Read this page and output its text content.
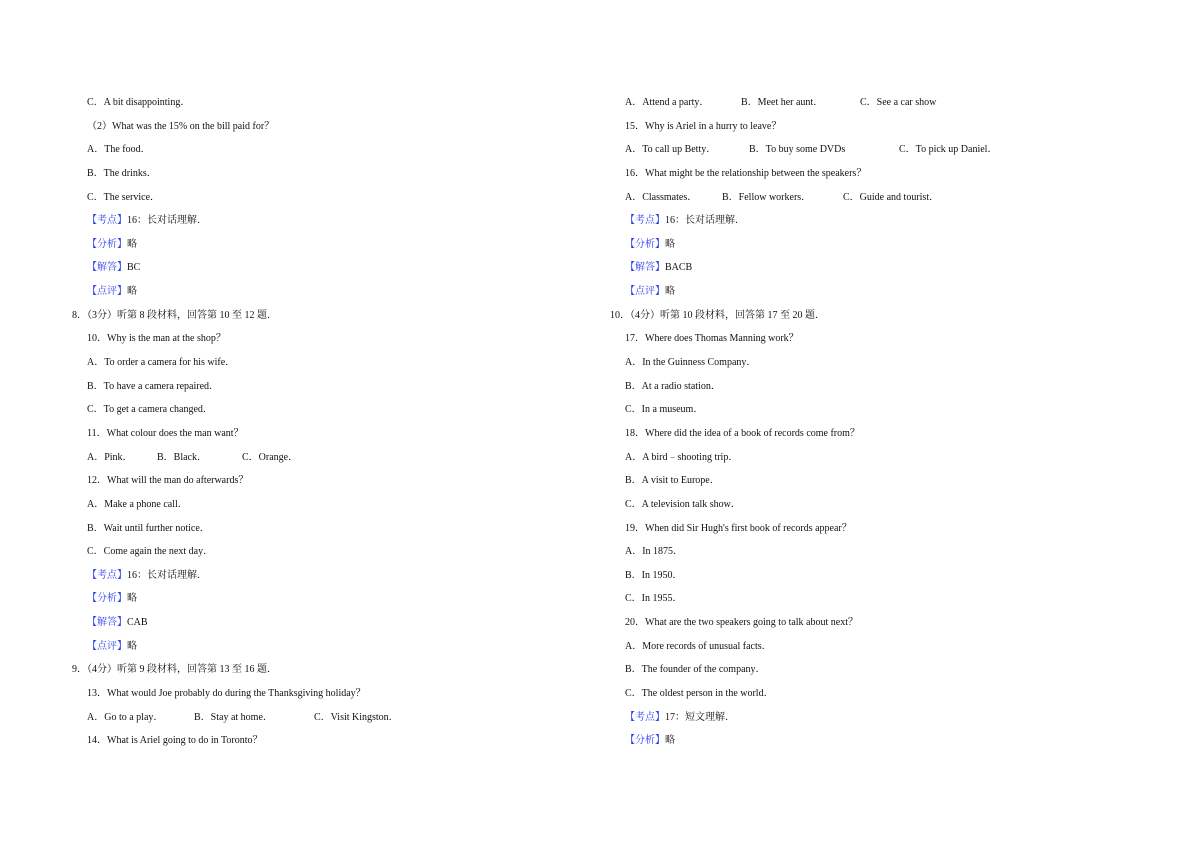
C．A bit disappointing．
（2）What was the 15% on the bill paid for？
A．The food．
B．The drinks．
C．The service．
【考点】16：长对话理解．
【分析】略
【解答】BC
【点评】略
8．（3分）听第 8 段材料，回答第 10 至 12 题．
10．Why is the man at the shop？
A．To order a camera for his wife．
B．To have a camera repaired．
C．To get a camera changed．
11．What colour does the man want？
A．Pink． B．Black．	C．Orange．
12．What will the man do afterwards？
A．Make a phone call．
B．Wait until further notice．
C．Come again the next day．
【考点】16：长对话理解．
【分析】略
【解答】CAB
【点评】略
9．（4分）听第 9 段材料，回答第 13 至 16 题．
13．What would Joe probably do during the Thanksgiving holiday？
A．Go to a play．	B．Stay at home．	C．Visit Kingston．
14．What is Ariel going to do in Toronto？
A．Attend a party．	B．Meet her aunt．	C．See a car show
15．Why is Ariel in a hurry to leave？
A．To call up Betty．	B．To buy some DVDs	C．To pick up Daniel．
16．What might be the relationship between the speakers？
A．Classmates． B．Fellow workers．	C．Guide and tourist．
【考点】16：长对话理解．
【分析】略
【解答】BACB
【点评】略
10．（4分）听第 10 段材料，回答第 17 至 20 题．
17．Where does Thomas Manning work？
A．In the Guinness Company．
B．At a radio station．
C．In a museum．
18．Where did the idea of a book of records come from？
A．A bird﹣shooting trip．
B．A visit to Europe．
C．A television talk show．
19．When did Sir Hugh's first book of records appear？
A．In 1875．
B．In 1950．
C．In 1955．
20．What are the two speakers going to talk about next？
A．More records of unusual facts．
B．The founder of the company．
C．The oldest person in the world．
【考点】17：短文理解．
【分析】略
